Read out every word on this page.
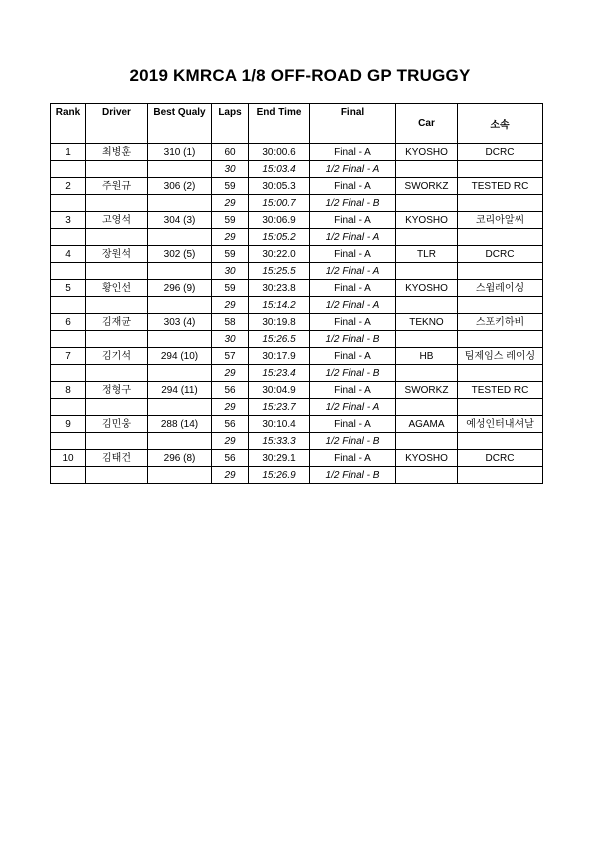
2019 KMRCA 1/8 OFF-ROAD GP TRUGGY
Rank	Driver	Best Qualy	Laps	End Time	Final	Car	소속
1	최병훈	310 (1)	60	30:00.6	Final - A	KYOSHO	DCRC
			30	15:03.4	1/2 Final - A		
2	주원규	306 (2)	59	30:05.3	Final - A	SWORKZ	TESTED RC
			29	15:00.7	1/2 Final - B		
3	고영석	304 (3)	59	30:06.9	Final - A	KYOSHO	코리아알씨
			29	15:05.2	1/2 Final - A		
4	장원석	302 (5)	59	30:22.0	Final - A	TLR	DCRC
			30	15:25.5	1/2 Final - A		
5	황인선	296 (9)	59	30:23.8	Final - A	KYOSHO	스윔레이싱
			29	15:14.2	1/2 Final - A		
6	김재균	303 (4)	58	30:19.8	Final - A	TEKNO	스포키하비
			30	15:26.5	1/2 Final - B		
7	김기석	294 (10)	57	30:17.9	Final - A	HB	팀제임스 레이싱
			29	15:23.4	1/2 Final - B		
8	정형구	294 (11)	56	30:04.9	Final - A	SWORKZ	TESTED RC
			29	15:23.7	1/2 Final - A		
9	김민웅	288 (14)	56	30:10.4	Final - A	AGAMA	예성인터내셔날
			29	15:33.3	1/2 Final - B		
10	김태건	296 (8)	56	30:29.1	Final - A	KYOSHO	DCRC
			29	15:26.9	1/2 Final - B		
